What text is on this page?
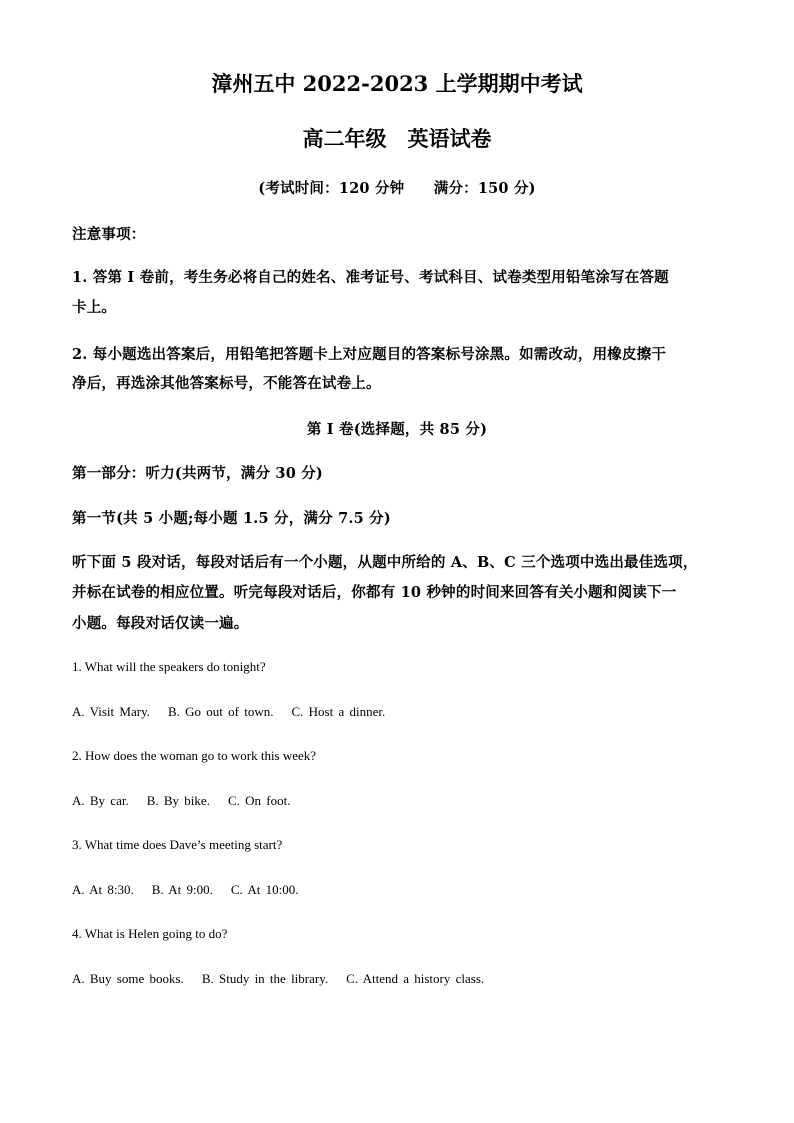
漳州五中 2022-2023 上学期期中考试
高二年级　英语试卷
(考试时间：120 分钟　　满分：150 分)
注意事项：
1. 答第 I 卷前，考生务必将自己的姓名、准考证号、考试科目、试卷类型用铅笔涂写在答题
卡上。
2. 每小题选出答案后，用铅笔把答题卡上对应题目的答案标号涂黑。如需改动，用橡皮擦干
净后，再选涂其他答案标号，不能答在试卷上。
第 I 卷(选择题，共 85 分)
第一部分：听力(共两节，满分 30 分)
第一节(共 5 小题;每小题 1.5 分，满分 7.5 分)
听下面 5 段对话，每段对话后有一个小题，从题中所给的 A、B、C 三个选项中选出最佳选项，
并标在试卷的相应位置。听完每段对话后，你都有 10 秒钟的时间来回答有关小题和阅读下一
小题。每段对话仅读一遍。
1. What will the speakers do tonight?
A. Visit Mary. B. Go out of town. C. Host a dinner.
2. How does the woman go to work this week?
A. By car. B. By bike. C. On foot.
3. What time does Dave’s meeting start?
A. At 8:30. B. At 9:00. C. At 10:00.
4. What is Helen going to do?
A. Buy some books. B. Study in the library. C. Attend a history class.
